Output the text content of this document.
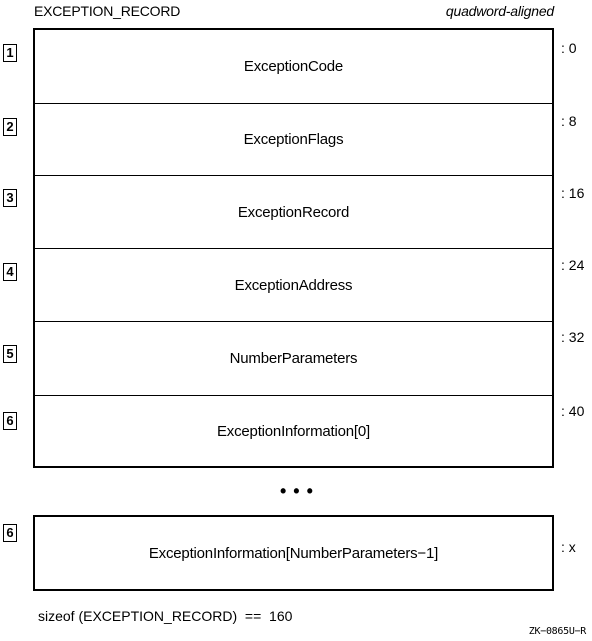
EXCEPTION_RECORD	quadword-aligned
1
2
3
4
5
6
ExceptionCode
ExceptionFlags
ExceptionRecord
ExceptionAddress
NumberParameters
ExceptionInformation[0]
: 0
: 8
: 16
: 24
: 32
: 40
• • •
6
ExceptionInformation[NumberParameters−1]	: x
sizeof (EXCEPTION_RECORD)  ==  160
ZK−0865U−R
